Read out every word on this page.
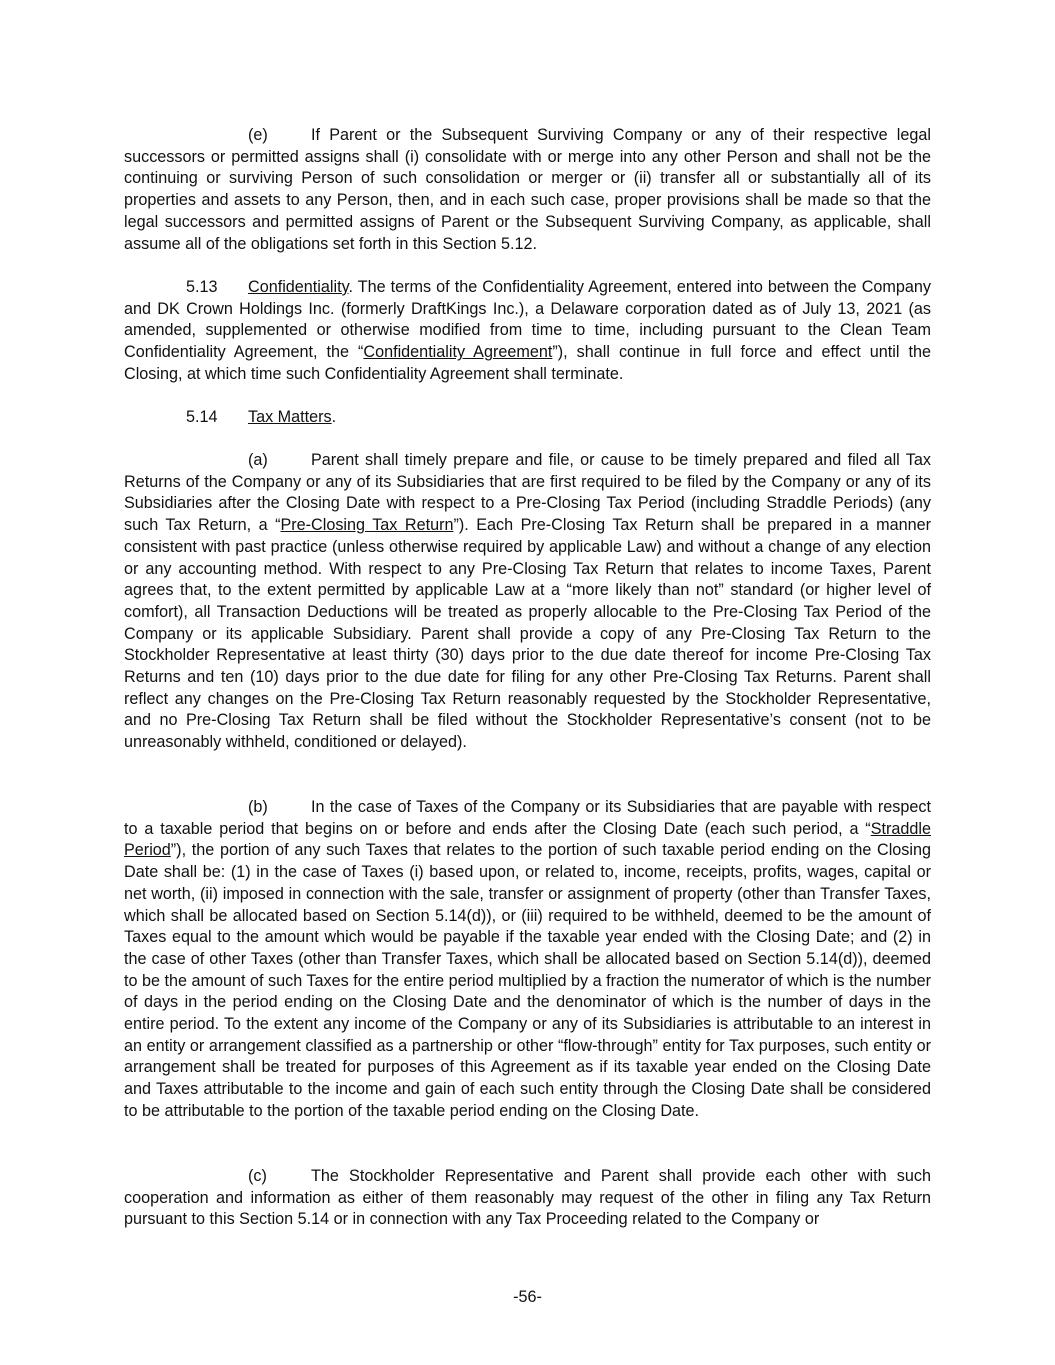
(e)	If Parent or the Subsequent Surviving Company or any of their respective legal successors or permitted assigns shall (i) consolidate with or merge into any other Person and shall not be the continuing or surviving Person of such consolidation or merger or (ii) transfer all or substantially all of its properties and assets to any Person, then, and in each such case, proper provisions shall be made so that the legal successors and permitted assigns of Parent or the Subsequent Surviving Company, as applicable, shall assume all of the obligations set forth in this Section 5.12.

5.13 Confidentiality. The terms of the Confidentiality Agreement, entered into between the Company and DK Crown Holdings Inc. (formerly DraftKings Inc.), a Delaware corporation dated as of July 13, 2021 (as amended, supplemented or otherwise modified from time to time, including pursuant to the Clean Team Confidentiality Agreement, the “Confidentiality Agreement”), shall continue in full force and effect until the Closing, at which time such Confidentiality Agreement shall terminate.

5.14 Tax Matters.

(a)	Parent shall timely prepare and file, or cause to be timely prepared and filed all Tax Returns of the Company or any of its Subsidiaries that are first required to be filed by the Company or any of its Subsidiaries after the Closing Date with respect to a Pre-Closing Tax Period (including Straddle Periods) (any such Tax Return, a “Pre-Closing Tax Return”). Each Pre-Closing Tax Return shall be prepared in a manner consistent with past practice (unless otherwise required by applicable Law) and without a change of any election or any accounting method. With respect to any Pre-Closing Tax Return that relates to income Taxes, Parent agrees that, to the extent permitted by applicable Law at a “more likely than not” standard (or higher level of comfort), all Transaction Deductions will be treated as properly allocable to the Pre-Closing Tax Period of the Company or its applicable Subsidiary. Parent shall provide a copy of any Pre-Closing Tax Return to the Stockholder Representative at least thirty (30) days prior to the due date thereof for income Pre-Closing Tax Returns and ten (10) days prior to the due date for filing for any other Pre-Closing Tax Returns. Parent shall reflect any changes on the Pre-Closing Tax Return reasonably requested by the Stockholder Representative, and no Pre-Closing Tax Return shall be filed without the Stockholder Representative’s consent (not to be unreasonably withheld, conditioned or delayed).

(b)	In the case of Taxes of the Company or its Subsidiaries that are payable with respect to a taxable period that begins on or before and ends after the Closing Date (each such period, a “Straddle Period”), the portion of any such Taxes that relates to the portion of such taxable period ending on the Closing Date shall be: (1) in the case of Taxes (i) based upon, or related to, income, receipts, profits, wages, capital or net worth, (ii) imposed in connection with the sale, transfer or assignment of property (other than Transfer Taxes, which shall be allocated based on Section 5.14(d)), or (iii) required to be withheld, deemed to be the amount of Taxes equal to the amount which would be payable if the taxable year ended with the Closing Date; and (2) in the case of other Taxes (other than Transfer Taxes, which shall be allocated based on Section 5.14(d)), deemed to be the amount of such Taxes for the entire period multiplied by a fraction the numerator of which is the number of days in the period ending on the Closing Date and the denominator of which is the number of days in the entire period. To the extent any income of the Company or any of its Subsidiaries is attributable to an interest in an entity or arrangement classified as a partnership or other “flow-through” entity for Tax purposes, such entity or arrangement shall be treated for purposes of this Agreement as if its taxable year ended on the Closing Date and Taxes attributable to the income and gain of each such entity through the Closing Date shall be considered to be attributable to the portion of the taxable period ending on the Closing Date.

(c)	The Stockholder Representative and Parent shall provide each other with such cooperation and information as either of them reasonably may request of the other in filing any Tax Return pursuant to this Section 5.14 or in connection with any Tax Proceeding related to the Company or

-56-
